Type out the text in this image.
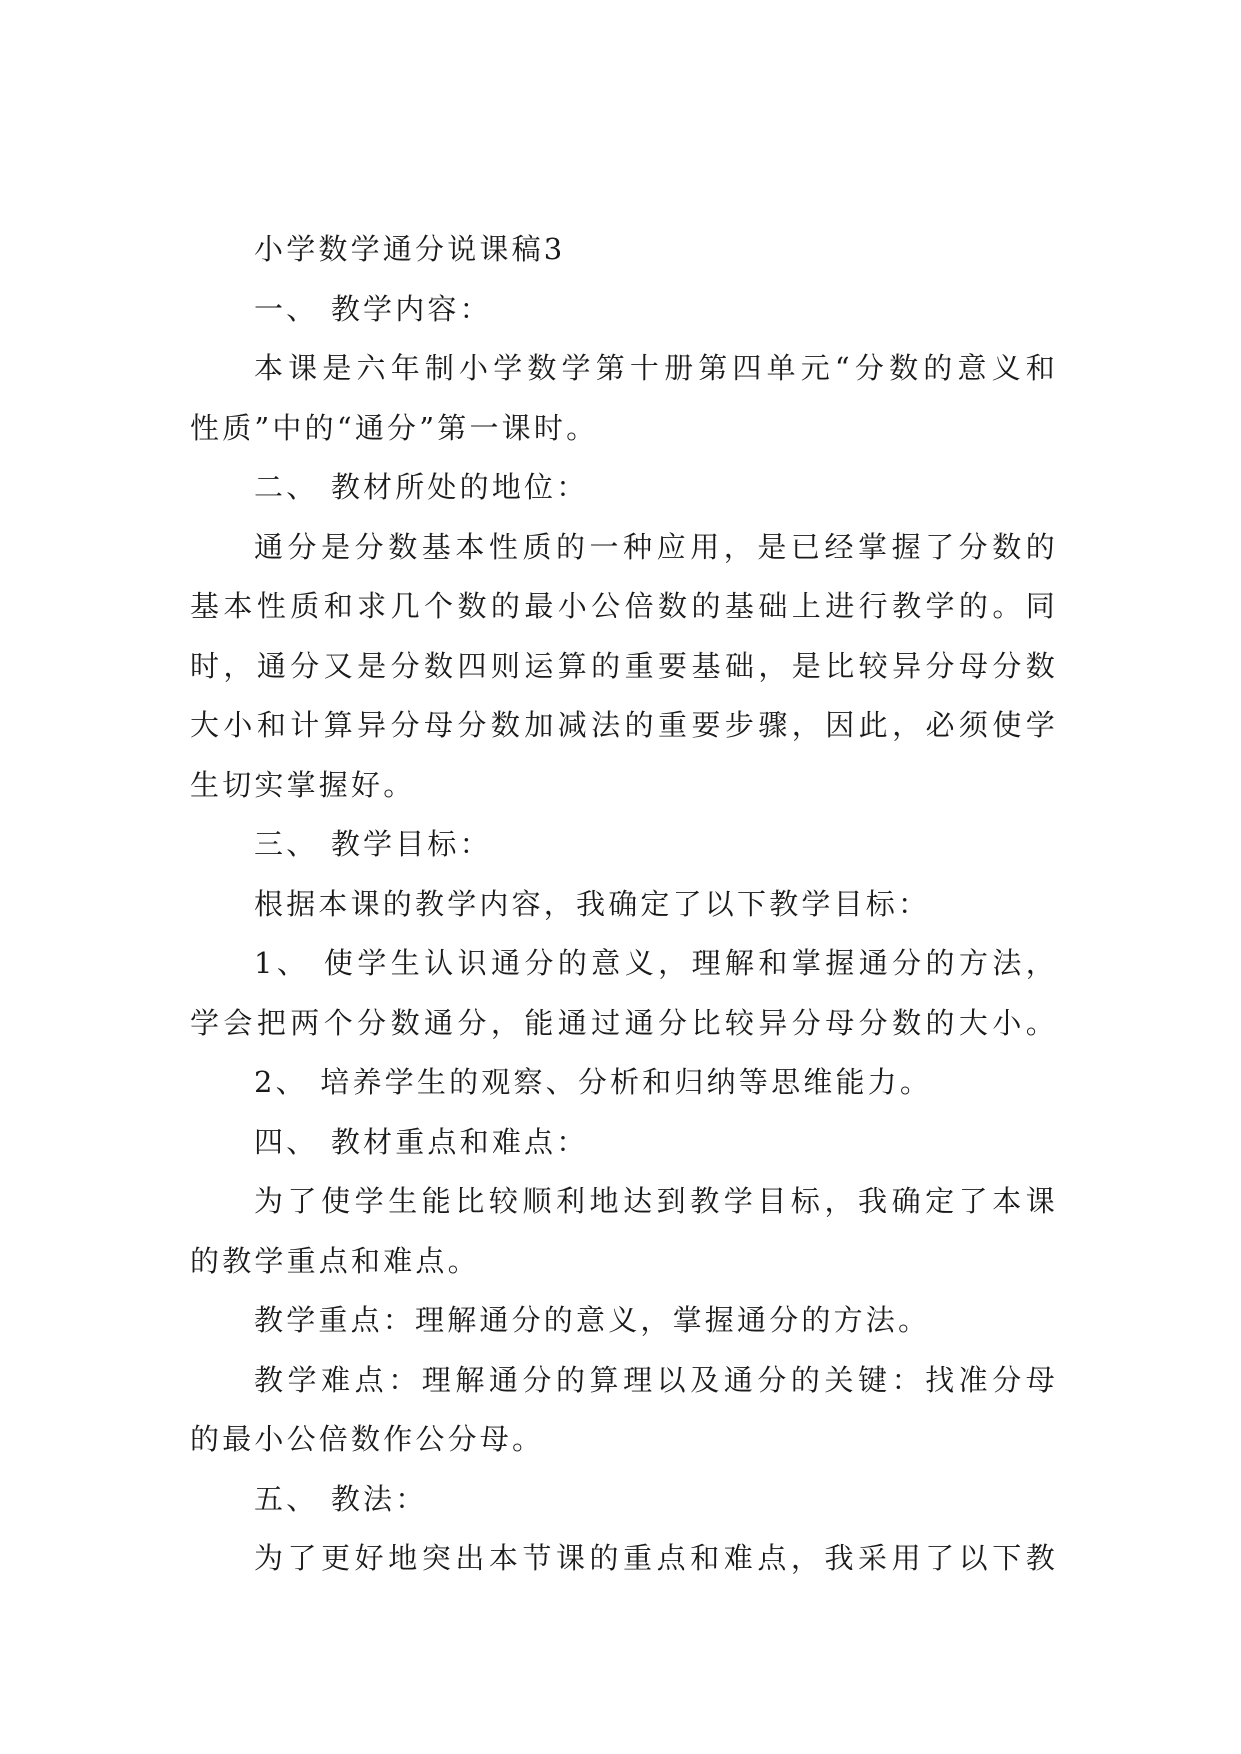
小学数学通分说课稿3
一、 教学内容：
本课是六年制小学数学第十册第四单元“分数的意义和
性质”中的“通分”第一课时。
二、 教材所处的地位：
通分是分数基本性质的一种应用，是已经掌握了分数的
基本性质和求几个数的最小公倍数的基础上进行教学的。同
时，通分又是分数四则运算的重要基础，是比较异分母分数
大小和计算异分母分数加减法的重要步骤，因此，必须使学
生切实掌握好。
三、 教学目标：
根据本课的教学内容，我确定了以下教学目标：
1、 使学生认识通分的意义，理解和掌握通分的方法，
学会把两个分数通分，能通过通分比较异分母分数的大小。
2、 培养学生的观察、分析和归纳等思维能力。
四、 教材重点和难点：
为了使学生能比较顺利地达到教学目标，我确定了本课
的教学重点和难点。
教学重点：理解通分的意义，掌握通分的方法。
教学难点：理解通分的算理以及通分的关键：找准分母
的最小公倍数作公分母。
五、 教法：
为了更好地突出本节课的重点和难点，我采用了以下教
